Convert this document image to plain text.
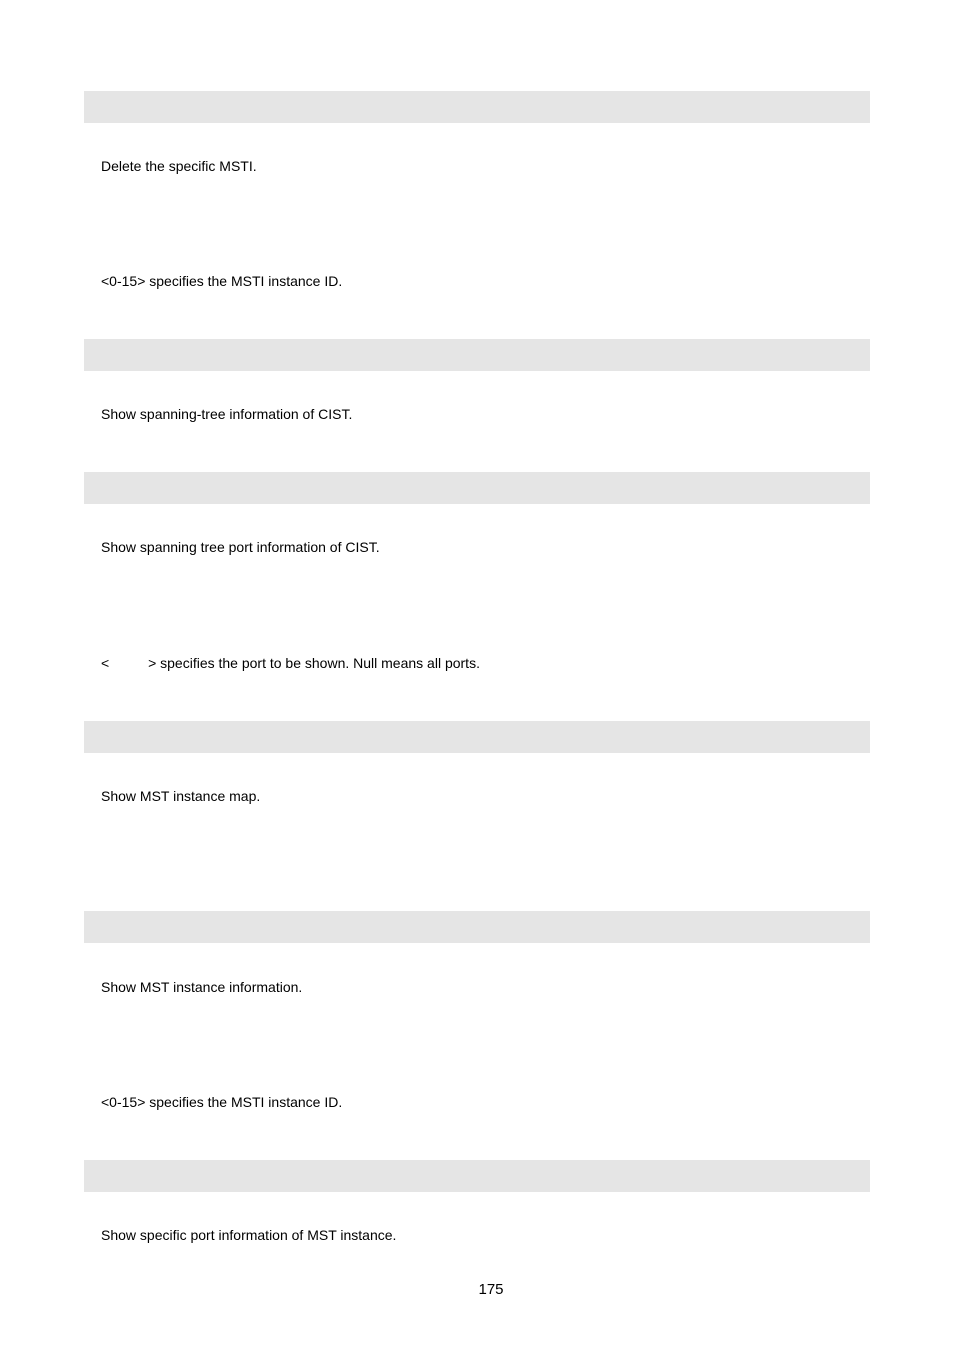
Delete the specific MSTI.
<0-15> specifies the MSTI instance ID.
Show spanning-tree information of CIST.
Show spanning tree port information of CIST.
<          > specifies the port to be shown. Null means all ports.
Show MST instance map.
Show MST instance information.
<0-15> specifies the MSTI instance ID.
Show specific port information of MST instance.
175
